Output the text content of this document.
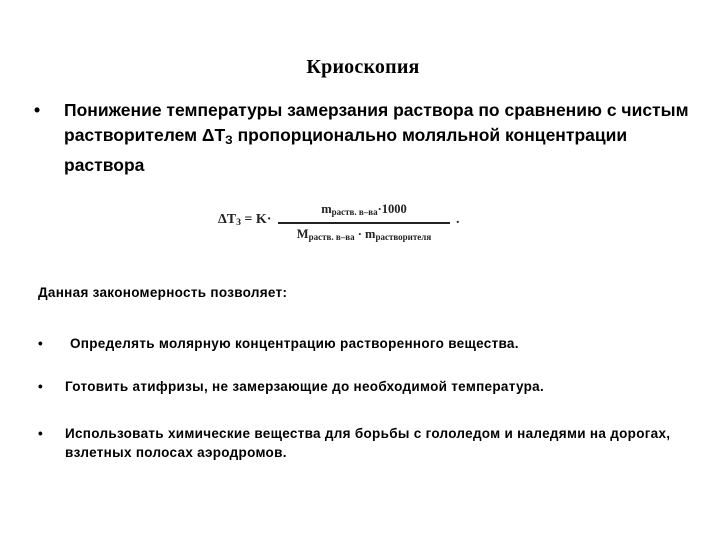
Криоскопия
• Понижение температуры замерзания раствора по сравнению с чистым растворителем $\Delta Т_З$ пропорционально моляльной концентрации раствора
$\Delta T_З = K\cdot$
$m_{раств. в-ва}\cdot 1000$
$M_{раств. в-ва} \cdot m_{растворителя}$
.
Данная закономерность позволяет:
• Определять молярную концентрацию растворенного вещества.
• Готовить атифризы, не замерзающие до необходимой температура.
• Использовать химические вещества для борьбы с гололедом и наледями на дорогах, взлетных полосах аэродромов.
